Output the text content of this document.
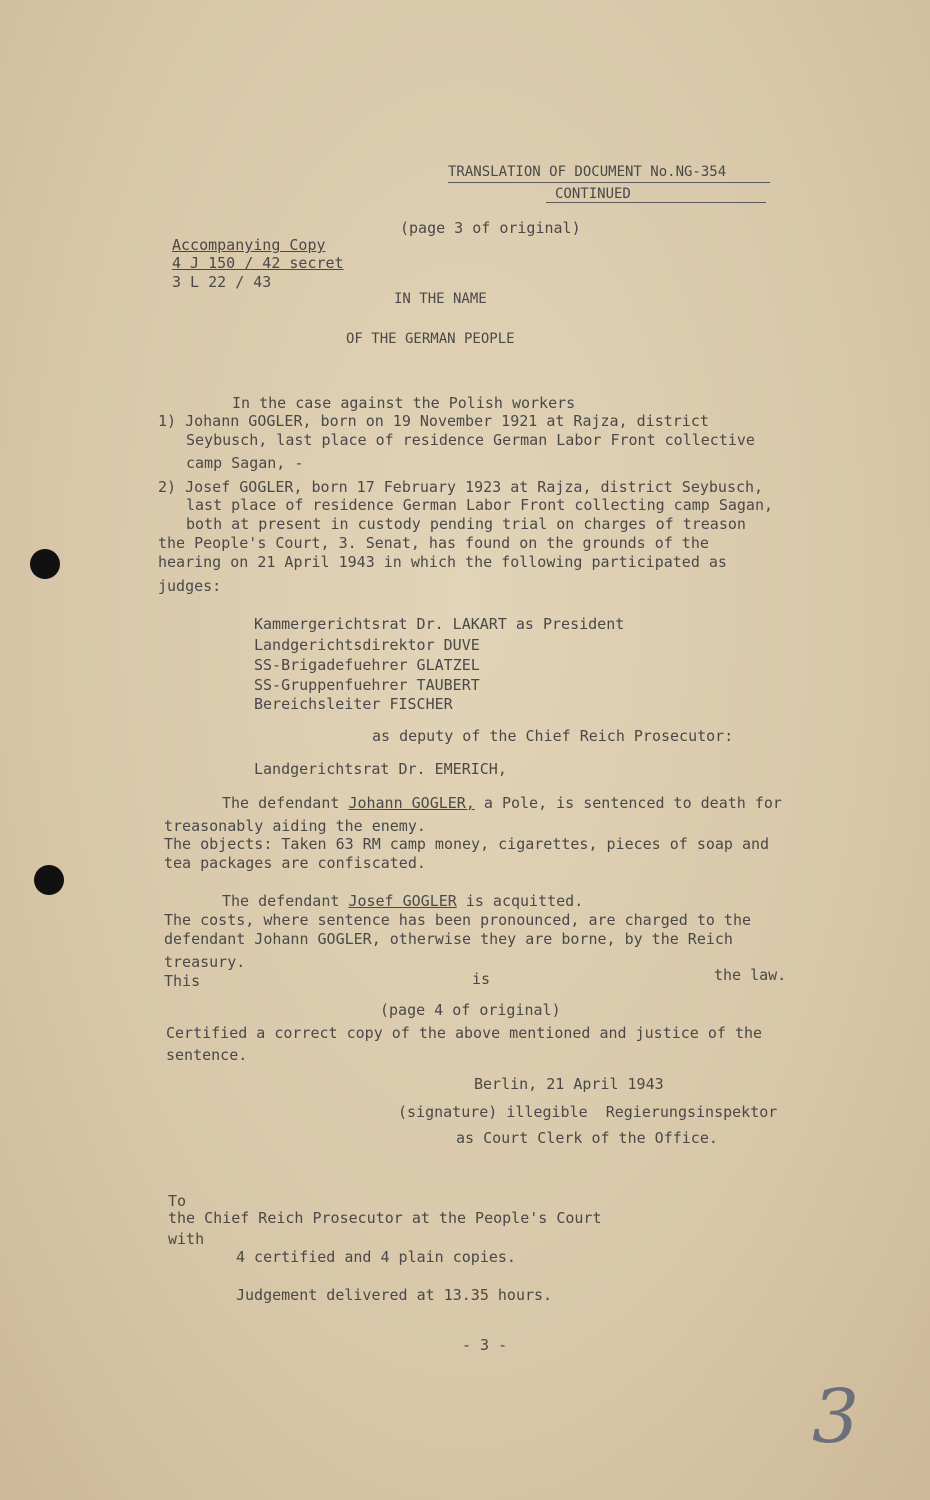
TRANSLATION OF DOCUMENT No.NG-354
CONTINUED
(page 3 of original)
Accompanying Copy
4 J 150 / 42 secret
3 L 22 / 43
IN THE NAME
OF THE GERMAN PEOPLE
In the case against the Polish workers
1) Johann GOGLER, born on 19 November 1921 at Rajza, district
Seybusch, last place of residence German Labor Front collective
camp Sagan, -
2) Josef GOGLER, born 17 February 1923 at Rajza, district Seybusch,
last place of residence German Labor Front collecting camp Sagan,
both at present in custody pending trial on charges of treason
the People's Court, 3. Senat, has found on the grounds of the
hearing on 21 April 1943 in which the following participated as
judges:
Kammergerichtsrat Dr. LAKART as President
Landgerichtsdirektor DUVE
SS-Brigadefuehrer GLATZEL
SS-Gruppenfuehrer TAUBERT
Bereichsleiter FISCHER
as deputy of the Chief Reich Prosecutor:
Landgerichtsrat Dr. EMERICH,
The defendant Johann GOGLER, a Pole, is sentenced to death for
treasonably aiding the enemy.
The objects: Taken 63 RM camp money, cigarettes, pieces of soap and
tea packages are confiscated.
The defendant Josef GOGLER is acquitted.
The costs, where sentence has been pronounced, are charged to the
defendant Johann GOGLER, otherwise they are borne, by the Reich
treasury.
This	is	the law.
(page 4 of original)
Certified a correct copy of the above mentioned and justice of the
sentence.
Berlin, 21 April 1943
(signature) illegible  Regierungsinspektor
as Court Clerk of the Office.
To
the Chief Reich Prosecutor at the People's Court
with
4 certified and 4 plain copies.
Judgement delivered at 13.35 hours.
- 3 -
3
